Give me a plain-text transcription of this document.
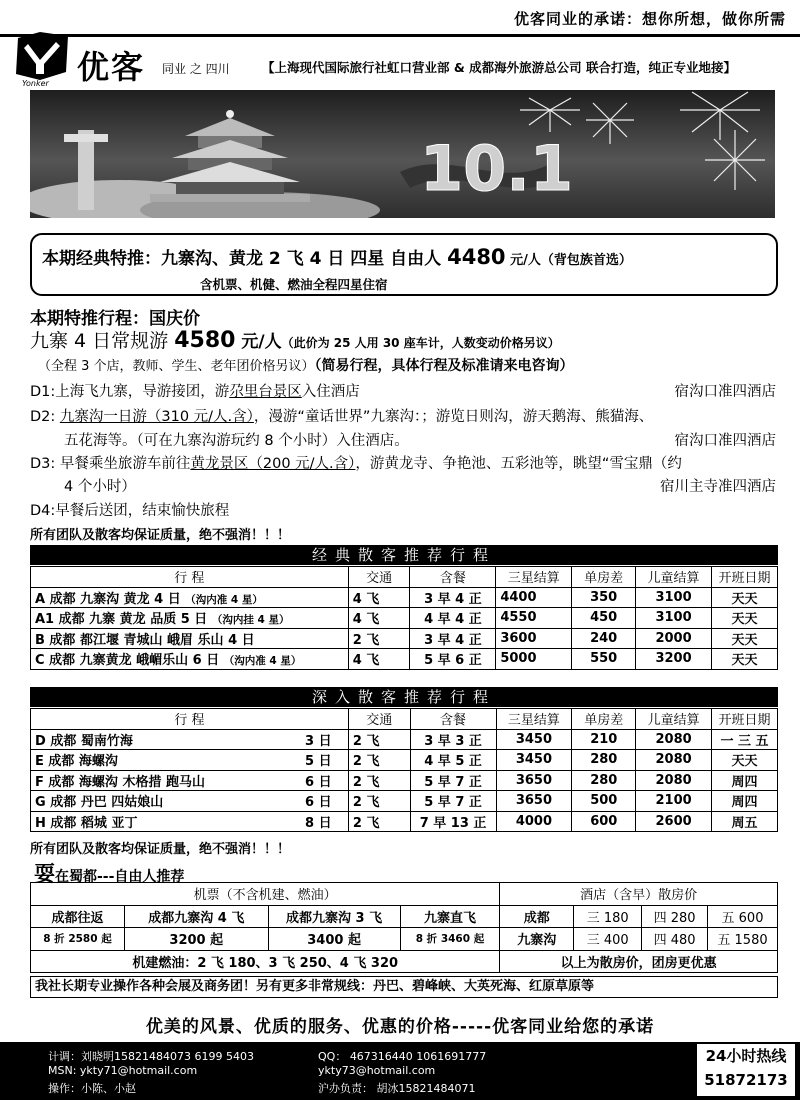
优客同业的承诺：想你所想，做你所需
Yonker 优客 同业 之 四川	【上海现代国际旅行社虹口营业部 & 成都海外旅游总公司 联合打造，纯正专业地接】
10.1
本期经典特推：九寨沟、黄龙 2 飞 4 日 四星 自由人 4480 元/人（背包族首选）
含机票、机健、燃油全程四星住宿
本期特推行程：国庆价
九寨 4 日常规游 4580 元/人（此价为 25 人用 30 座车计，人数变动价格另议）
（全程 3 个店，教师、学生、老年团价格另议）（简易行程，具体行程及标准请来电咨询）
D1:上海飞九寨，导游接团，游尕里台景区入住酒店	宿沟口准四酒店
D2: 九寨沟一日游（310 元/人.含），漫游“童话世界”九寨沟：；游览日则沟，游天鹅海、熊猫海、
五花海等。（可在九寨沟游玩约 8 个小时）入住酒店。	宿沟口准四酒店
D3: 早餐乘坐旅游车前往黄龙景区（200 元/人.含），游黄龙寺、争艳池、五彩池等，眺望“雪宝鼎（约
4 个小时）	宿川主寺准四酒店
D4:早餐后送团，结束愉快旅程
所有团队及散客均保证质量，绝不强消！！！
经典散客推荐行程
行 程	交通	含餐	三星结算	单房差	儿童结算	开班日期
A 成都 九寨沟 黄龙 4 日 （沟内准 4 星）	4 飞	3 早 4 正	4400	350	3100	天天
A1 成都 九寨 黄龙 品质 5 日 （沟内挂 4 星）	4 飞	4 早 4 正	4550	450	3100	天天
B 成都 都江堰 青城山 峨眉 乐山 4 日	2 飞	3 早 4 正	3600	240	2000	天天
C 成都 九寨黄龙 峨嵋乐山 6 日 （沟内准 4 星）	4 飞	5 早 6 正	5000	550	3200	天天
深入散客推荐行程
行 程	交通	含餐	三星结算	单房差	儿童结算	开班日期
D 成都 蜀南竹海 3 日	2 飞	3 早 3 正	3450	210	2080	一 三 五
E 成都 海螺沟 5 日	2 飞	4 早 5 正	3450	280	2080	天天
F 成都 海螺沟 木格措 跑马山 6 日	2 飞	5 早 7 正	3650	280	2080	周四
G 成都 丹巴 四姑娘山 6 日	2 飞	5 早 7 正	3650	500	2100	周四
H 成都 稻城 亚丁 8 日	2 飞	7 早 13 正	4000	600	2600	周五
所有团队及散客均保证质量，绝不强消！！！
耍在蜀都---自由人推荐
机票（不含机建、燃油）				酒店（含早）散房价			
成都往返	成都九寨沟 4 飞	成都九寨沟 3 飞	九寨直飞	成都	三 180	四 280	五 600
8 折 2580 起	3200 起	3400 起	8 折 3460 起	九寨沟	三 400	四 480	五 1580
机建燃油：2 飞 180、3 飞 250、4 飞 320				以上为散房价，团房更优惠			
我社长期专业操作各种会展及商务团！另有更多非常规线：丹巴、碧峰峡、大英死海、红原草原等
优美的风景、优质的服务、优惠的价格-----优客同业给您的承诺
计调：刘晓明15821484073 6199 5403
MSN: ykty71@hotmail.com
操作：小陈、小赵
QQ： 467316440 1061691777
ykty73@hotmail.com
沪办负责： 胡冰15821484071
24小时热线
51872173
